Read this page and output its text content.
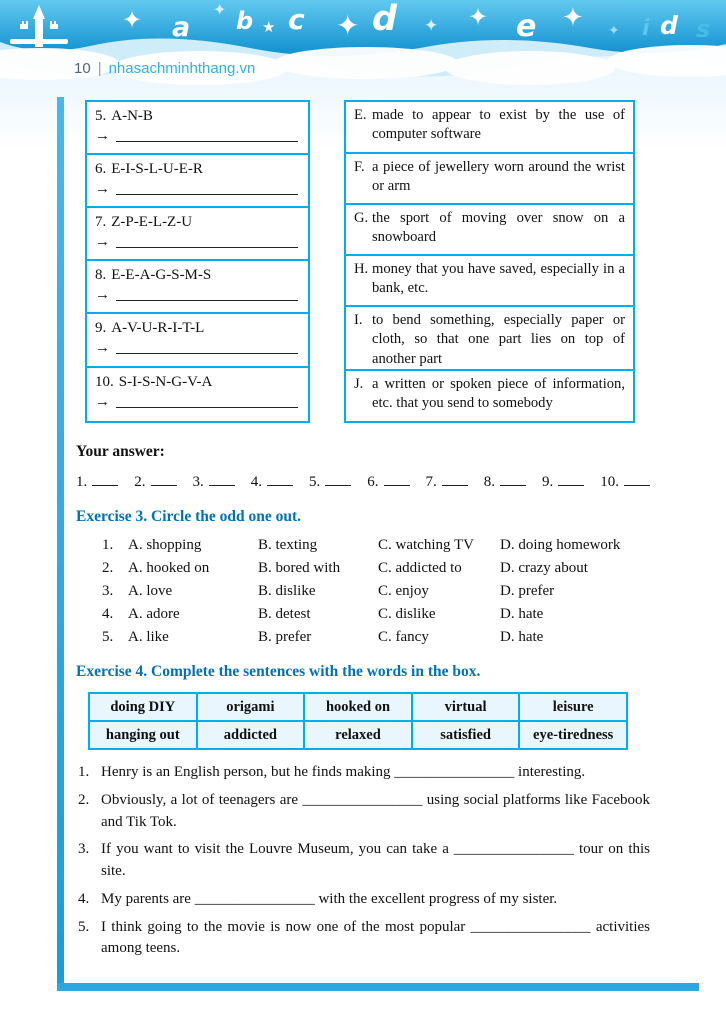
✦ a
✦ b ★ c ✦ d ✦ ✦ e ✦ ✦ i d s
10 | nhasachminhthang.vn
5. A-N-B
→
6. E-I-S-L-U-E-R
→
7. Z-P-E-L-Z-U
→
8. E-E-A-G-S-M-S
→
9. A-V-U-R-I-T-L
→
10. S-I-S-N-G-V-A
→
E. made to appear to exist by the use of computer software
F. a piece of jewellery worn around the wrist or arm
G. the sport of moving over snow on a snowboard
H. money that you have saved, especially in a bank, etc.
I. to bend something, especially paper or cloth, so that one part lies on top of another part
J. a written or spoken piece of information, etc. that you send to somebody
Your answer:
1.	2.	3.	4.	5.	6.	7.	8.	9.	10.
Exercise 3. Circle the odd one out.
1. A. shopping	B. texting	C. watching TV	D. doing homework
2. A. hooked on	B. bored with	C. addicted to	D. crazy about
3. A. love	B. dislike	C. enjoy	D. prefer
4. A. adore	B. detest	C. dislike	D. hate
5. A. like	B. prefer	C. fancy	D. hate
Exercise 4. Complete the sentences with the words in the box.
doing DIY	origami	hooked on	virtual	leisure
hanging out	addicted	relaxed	satisfied	eye-tiredness
1. Henry is an English person, but he finds making ________________ interesting.
2. Obviously, a lot of teenagers are ________________ using social platforms like Facebook and Tik Tok.
3. If you want to visit the Louvre Museum, you can take a ________________ tour on this site.
4. My parents are ________________ with the excellent progress of my sister.
5. I think going to the movie is now one of the most popular ________________ activities among teens.
